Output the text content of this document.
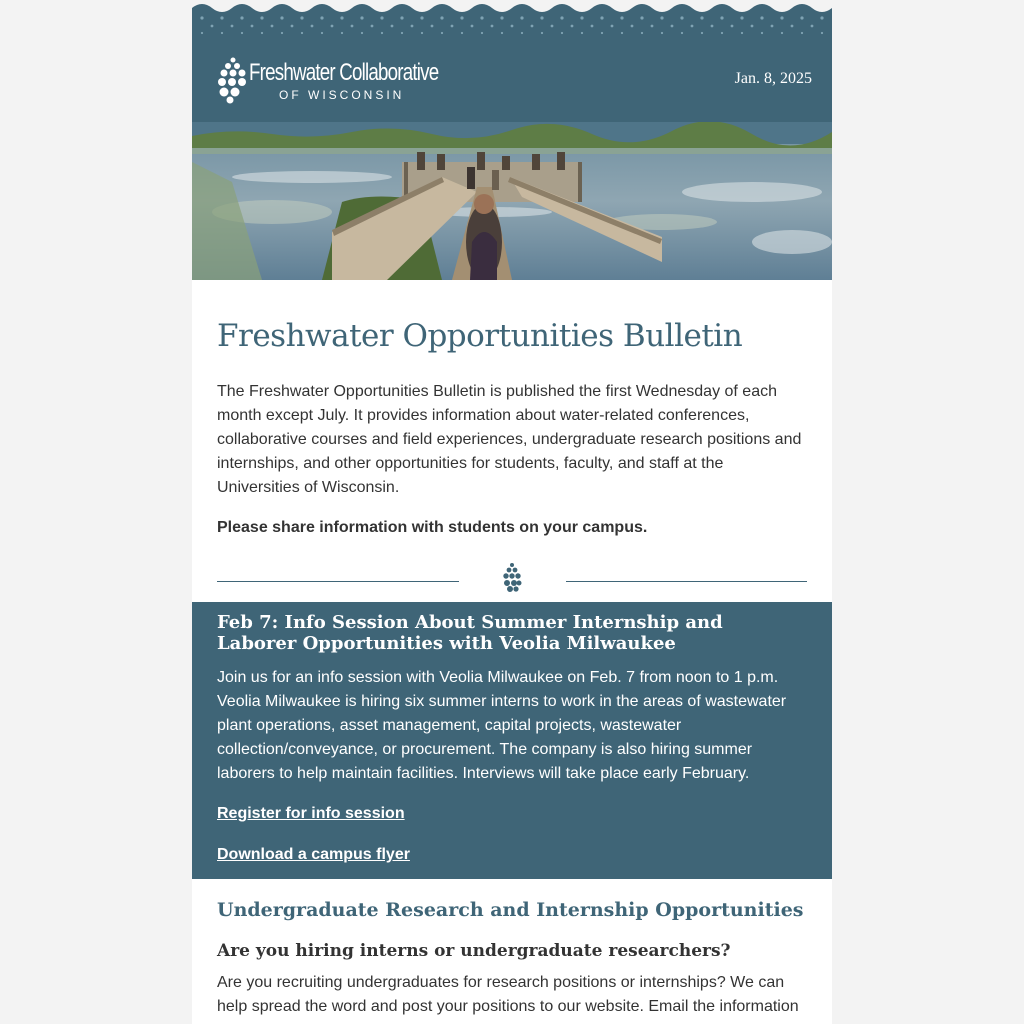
Freshwater Collaborative
OF WISCONSIN
Jan. 8, 2025
Freshwater Opportunities Bulletin

The Freshwater Opportunities Bulletin is published the first Wednesday of each month except July. It provides information about water-related conferences, collaborative courses and field experiences, undergraduate research positions and internships, and other opportunities for students, faculty, and staff at the Universities of Wisconsin.

Please share information with students on your campus.

Feb 7: Info Session About Summer Internship and Laborer Opportunities with Veolia Milwaukee

Join us for an info session with Veolia Milwaukee on Feb. 7 from noon to 1 p.m. Veolia Milwaukee is hiring six summer interns to work in the areas of wastewater plant operations, asset management, capital projects, wastewater collection/conveyance, or procurement. The company is also hiring summer laborers to help maintain facilities. Interviews will take place early February.

Register for info session
Download a campus flyer
Undergraduate Research and Internship Opportunities
Are you hiring interns or undergraduate researchers?

Are you recruiting undergraduates for research positions or internships? We can help spread the word and post your positions to our website. Email the information
